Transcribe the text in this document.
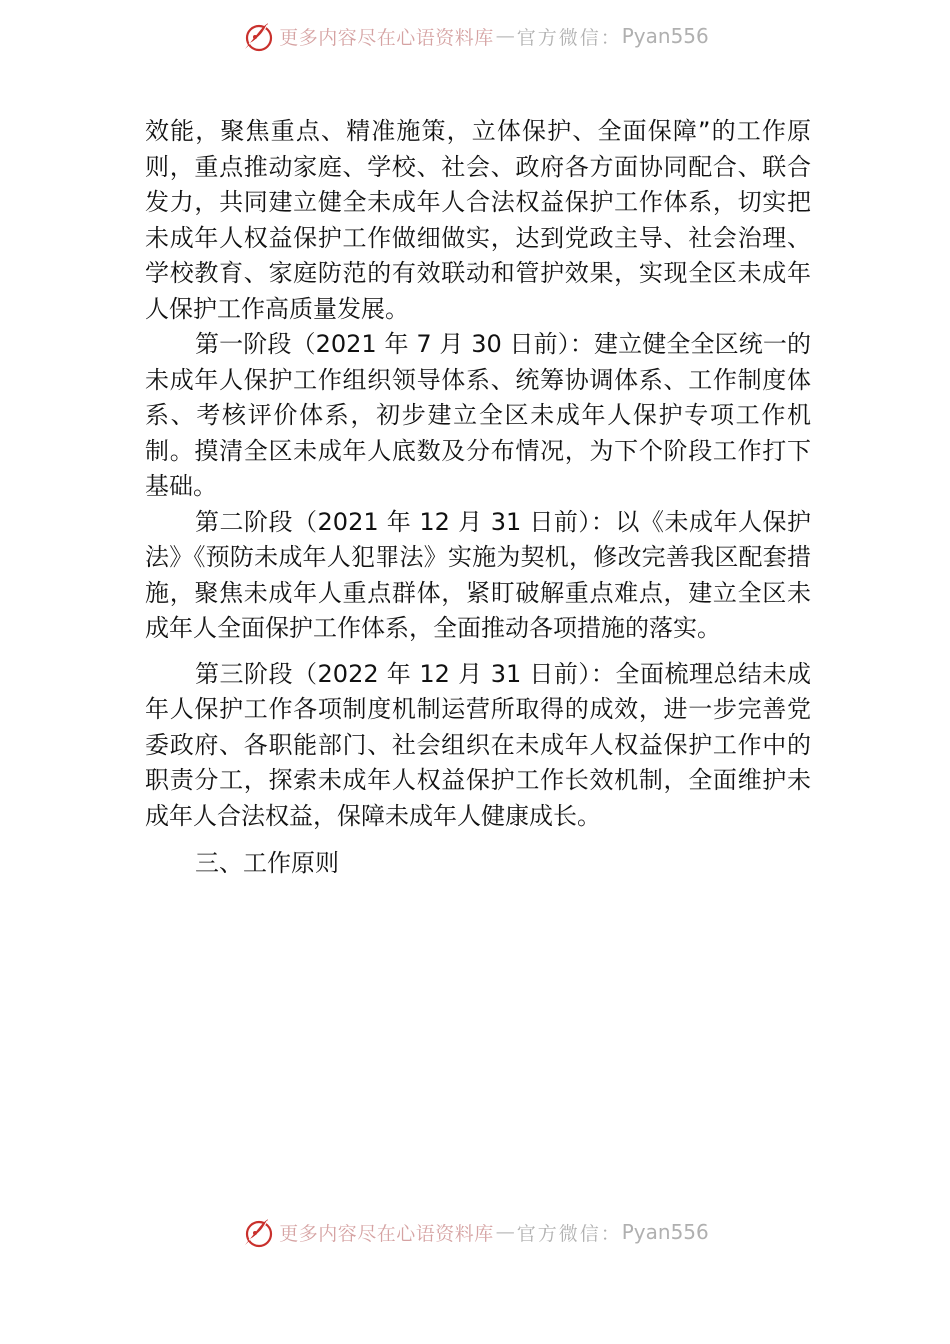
更多内容尽在心语资料库 — 官方微信： Pyan556

效能，聚焦重点、精准施策，立体保护、全面保障”的工作原则，重点推动家庭、学校、社会、政府各方面协同配合、联合发力，共同建立健全未成年人合法权益保护工作体系，切实把未成年人权益保护工作做细做实，达到党政主导、社会治理、学校教育、家庭防范的有效联动和管护效果，实现全区未成年人保护工作高质量发展。

第一阶段（2021 年 7 月 30 日前）：建立健全全区统一的未成年人保护工作组织领导体系、统筹协调体系、工作制度体系、考核评价体系，初步建立全区未成年人保护专项工作机制。摸清全区未成年人底数及分布情况，为下个阶段工作打下基础。

第二阶段（2021 年 12 月 31 日前）：以《未成年人保护法》《预防未成年人犯罪法》实施为契机，修改完善我区配套措施，聚焦未成年人重点群体，紧盯破解重点难点，建立全区未成年人全面保护工作体系，全面推动各项措施的落实。

第三阶段（2022 年 12 月 31 日前）：全面梳理总结未成年人保护工作各项制度机制运营所取得的成效，进一步完善党委政府、各职能部门、社会组织在未成年人权益保护工作中的职责分工，探索未成年人权益保护工作长效机制，全面维护未成年人合法权益，保障未成年人健康成长。

三、工作原则

更多内容尽在心语资料库 — 官方微信： Pyan556
